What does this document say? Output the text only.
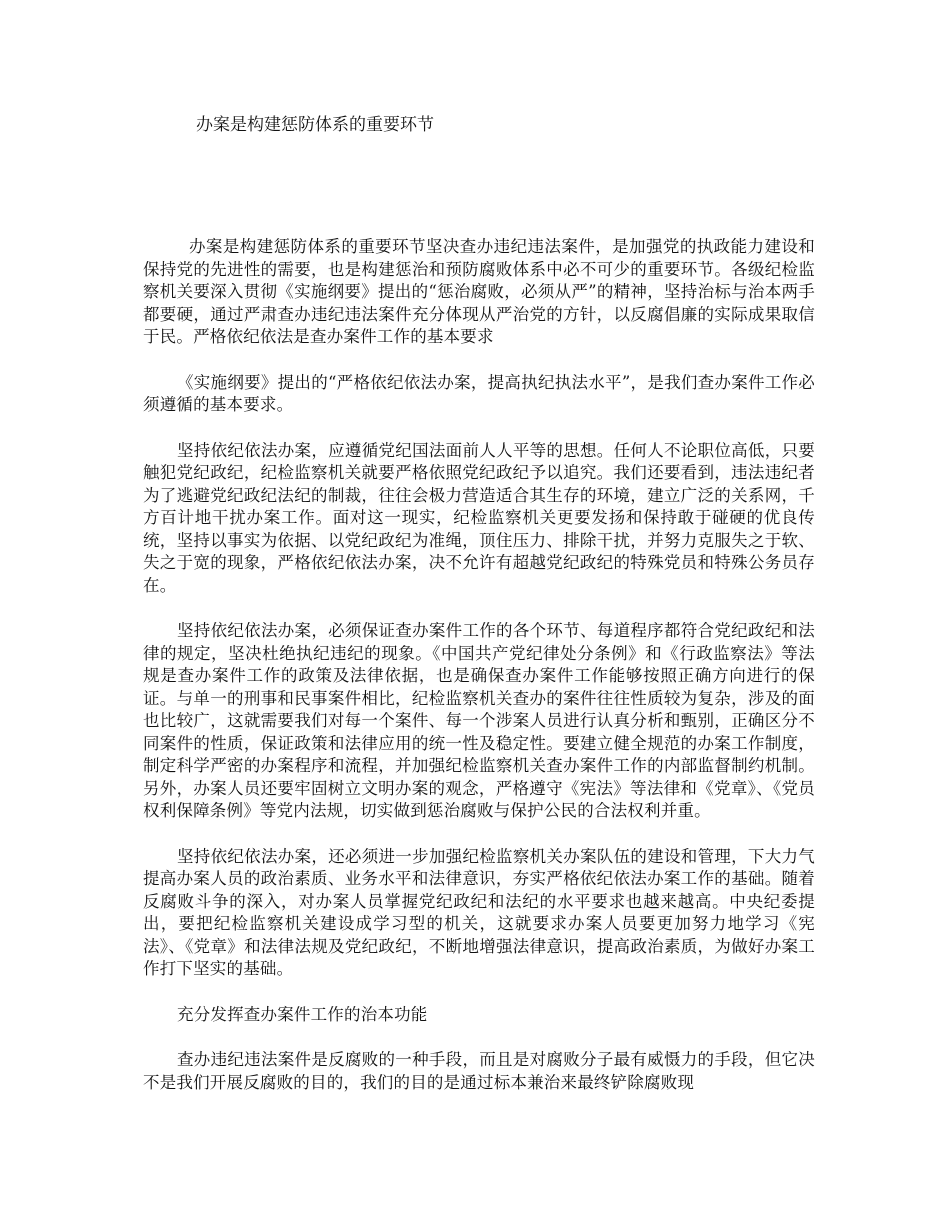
办案是构建惩防体系的重要环节

办案是构建惩防体系的重要环节坚决查办违纪违法案件，是加强党的执政能力建设和保持党的先进性的需要，也是构建惩治和预防腐败体系中必不可少的重要环节。各级纪检监察机关要深入贯彻《实施纲要》提出的“惩治腐败，必须从严”的精神，坚持治标与治本两手都要硬，通过严肃查办违纪违法案件充分体现从严治党的方针，以反腐倡廉的实际成果取信于民。严格依纪依法是查办案件工作的基本要求

《实施纲要》提出的“严格依纪依法办案，提高执纪执法水平”，是我们查办案件工作必须遵循的基本要求。

坚持依纪依法办案，应遵循党纪国法面前人人平等的思想。任何人不论职位高低，只要触犯党纪政纪，纪检监察机关就要严格依照党纪政纪予以追究。我们还要看到，违法违纪者为了逃避党纪政纪法纪的制裁，往往会极力营造适合其生存的环境，建立广泛的关系网，千方百计地干扰办案工作。面对这一现实，纪检监察机关更要发扬和保持敢于碰硬的优良传统，坚持以事实为依据、以党纪政纪为准绳，顶住压力、排除干扰，并努力克服失之于软、失之于宽的现象，严格依纪依法办案，决不允许有超越党纪政纪的特殊党员和特殊公务员存在。

坚持依纪依法办案，必须保证查办案件工作的各个环节、每道程序都符合党纪政纪和法律的规定，坚决杜绝执纪违纪的现象。《中国共产党纪律处分条例》和《行政监察法》等法规是查办案件工作的政策及法律依据，也是确保查办案件工作能够按照正确方向进行的保证。与单一的刑事和民事案件相比，纪检监察机关查办的案件往往性质较为复杂，涉及的面也比较广，这就需要我们对每一个案件、每一个涉案人员进行认真分析和甄别，正确区分不同案件的性质，保证政策和法律应用的统一性及稳定性。要建立健全规范的办案工作制度，制定科学严密的办案程序和流程，并加强纪检监察机关查办案件工作的内部监督制约机制。另外，办案人员还要牢固树立文明办案的观念，严格遵守《宪法》等法律和《党章》、《党员权利保障条例》等党内法规，切实做到惩治腐败与保护公民的合法权利并重。

坚持依纪依法办案，还必须进一步加强纪检监察机关办案队伍的建设和管理，下大力气提高办案人员的政治素质、业务水平和法律意识，夯实严格依纪依法办案工作的基础。随着反腐败斗争的深入，对办案人员掌握党纪政纪和法纪的水平要求也越来越高。中央纪委提出，要把纪检监察机关建设成学习型的机关，这就要求办案人员要更加努力地学习《宪法》、《党章》和法律法规及党纪政纪，不断地增强法律意识，提高政治素质，为做好办案工作打下坚实的基础。

充分发挥查办案件工作的治本功能

查办违纪违法案件是反腐败的一种手段，而且是对腐败分子最有威慑力的手段，但它决不是我们开展反腐败的目的，我们的目的是通过标本兼治来最终铲除腐败现
